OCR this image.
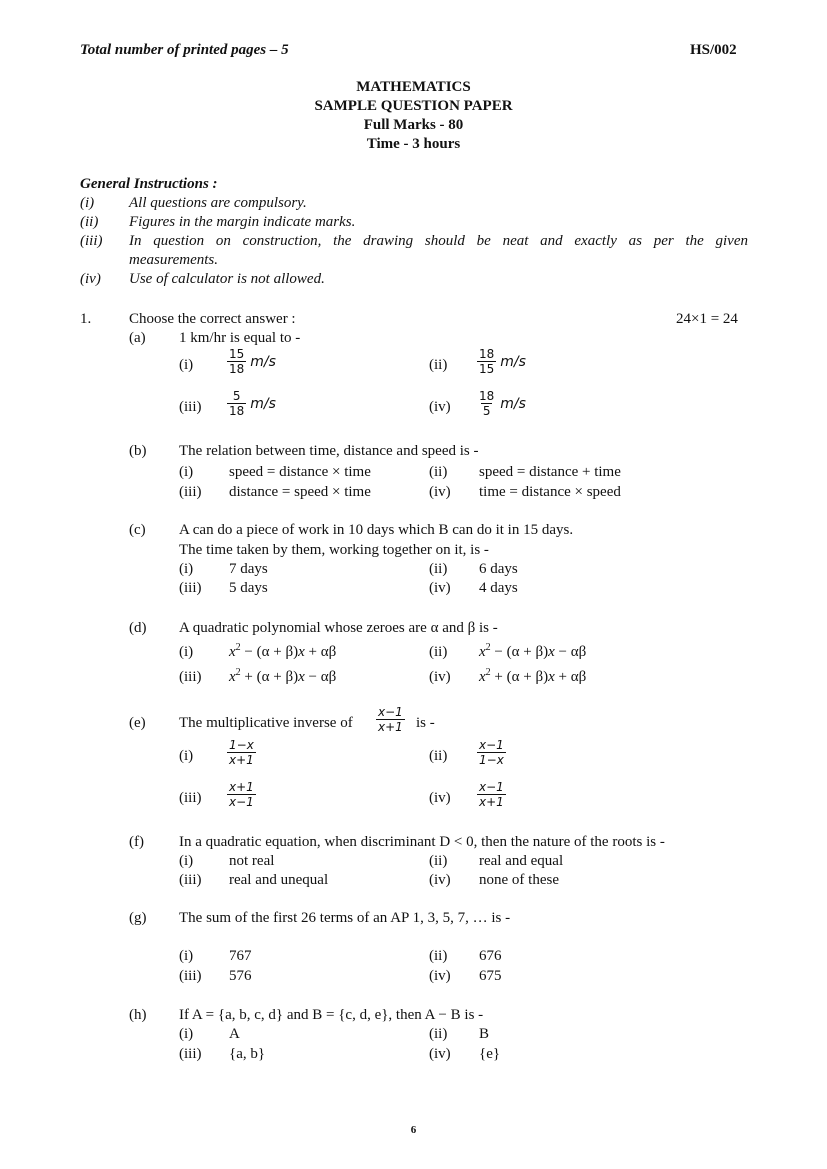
Total number of printed pages – 5	HS/002
MATHEMATICS
SAMPLE QUESTION PAPER
Full Marks - 80
Time - 3 hours
General Instructions :
(i) All questions are compulsory.
(ii) Figures in the margin indicate marks.
(iii) In question on construction, the drawing should be neat and exactly as per the given
measurements.
(iv) Use of calculator is not allowed.
1.	Choose the correct answer :	24×1 = 24
(a) 1 km/hr is equal to -
(i)	$\frac{15}{18} m/s$	$(ii) \frac{18}{15} m/s$
$(iii) \frac{5}{18} m/s$	$(iv) \frac{18}{5} m/s$
(b) The relation between time, distance and speed is -
(i) speed = distance × time	(ii) speed = distance + time
(iii) distance = speed × time	(iv) time = distance × speed
(c) A can do a piece of work in 10 days which B can do it in 15 days.
The time taken by them, working together on it, is -
(i) 7 days	(ii) 6 days
(iii) 5 days	(iv) 4 days
(d) A quadratic polynomial whose zeroes are α and β is -
(i) $x^2 - (\alpha + \beta)x + \alpha\beta$	(ii) $x^2 - (\alpha + \beta)x - \alpha\beta$
(iii) $x^2 + (\alpha + \beta)x - \alpha\beta$	(iv) $x^2 + (\alpha + \beta)x + \alpha\beta$
(e) The multiplicative inverse of $\frac{x-1}{x+1}$ is -
(i)	$\frac{1-x}{x+1}$	$(ii) \frac{x-1}{1-x}$
$(iii) \frac{x+1}{x-1}$	$(iv) \frac{x-1}{x+1}$
(f) In a quadratic equation, when discriminant D < 0, then the nature of the roots is -
(i) not real	(ii) real and equal
(iii) real and unequal	(iv) none of these
(g) The sum of the first 26 terms of an AP 1, 3, 5, 7, … is -
(i) 767	(ii) 676
(iii) 576	(iv) 675
(h) If A = {a, b, c, d} and B = {c, d, e}, then A − B is -
(i) A	(ii) B
(iii) {a, b}	(iv) {e}
6
